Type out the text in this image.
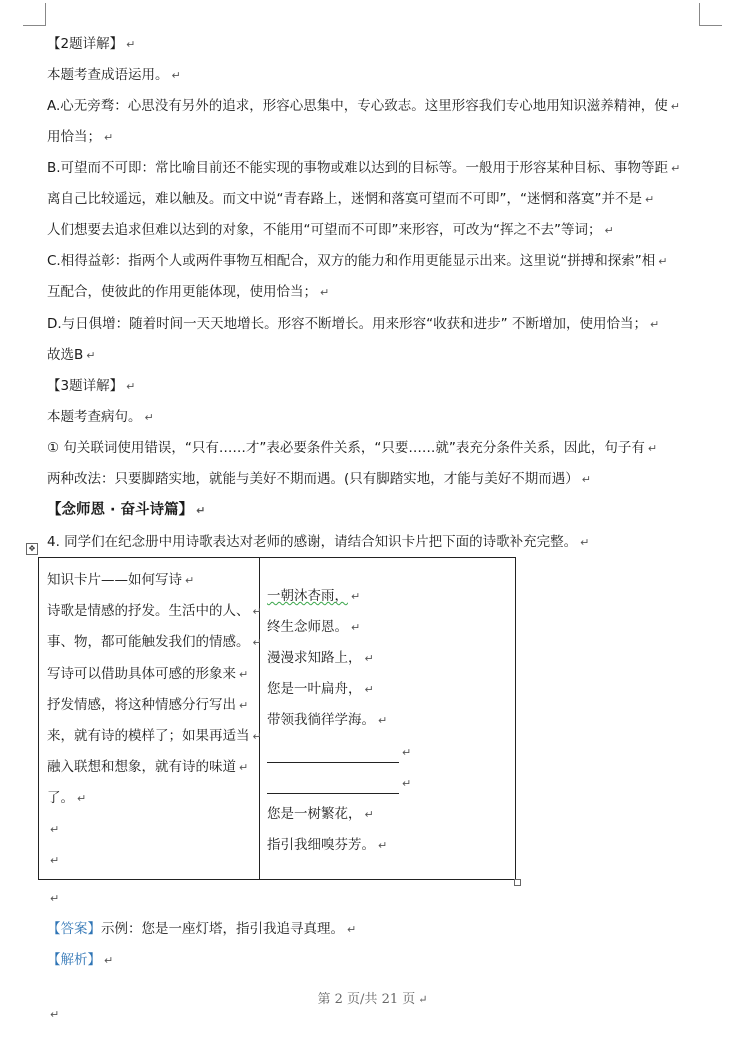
【2题详解】 ↵
本题考查成语运用。 ↵
A.心无旁骛：心思没有另外的追求，形容心思集中，专心致志。这里形容我们专心地用知识滋养精神，使 ↵
用恰当； ↵
B.可望而不可即：常比喻目前还不能实现的事物或难以达到的目标等。一般用于形容某种目标、事物等距 ↵
离自己比较遥远，难以触及。而文中说“青春路上，迷惘和落寞可望而不可即”，“迷惘和落寞”并不是 ↵
人们想要去追求但难以达到的对象，不能用“可望而不可即”来形容，可改为“挥之不去”等词； ↵
C.相得益彰：指两个人或两件事物互相配合，双方的能力和作用更能显示出来。这里说“拼搏和探索”相 ↵
互配合，使彼此的作用更能体现，使用恰当； ↵
D.与日俱增：随着时间一天天地增长。形容不断增长。用来形容“收获和进步” 不断增加，使用恰当； ↵
故选B ↵
【3题详解】 ↵
本题考查病句。 ↵
① 句关联词使用错误，“只有……才”表必要条件关系，“只要……就”表充分条件关系，因此，句子有 ↵
两种改法：只要脚踏实地，就能与美好不期而遇。(只有脚踏实地，才能与美好不期而遇） ↵
4. 同学们在纪念册中用诗歌表达对老师的感谢，请结合知识卡片把下面的诗歌补充完整。 ↵
【念师恩 · 奋斗诗篇】 ↵
✥

知识卡片——如何写诗 ↵
诗歌是情感的抒发。生活中的人、 ↵
事、物，都可能触发我们的情感。 ↵
写诗可以借助具体可感的形象来 ↵
抒发情感，将这种情感分行写出 ↵
来，就有诗的模样了；如果再适当 ↵
融入联想和想象，就有诗的味道 ↵
了。 ↵
↵
↵
一朝沐杏雨， ↵
终生念师恩。 ↵
漫漫求知路上， ↵
您是一叶扁舟， ↵
带领我徜徉学海。 ↵
↵
↵
您是一树繁花， ↵
指引我细嗅芬芳。 ↵
↵
【答案】示例：您是一座灯塔，指引我追寻真理。 ↵
【解析】 ↵
第 2 页/共 21 页 ↵
↵
